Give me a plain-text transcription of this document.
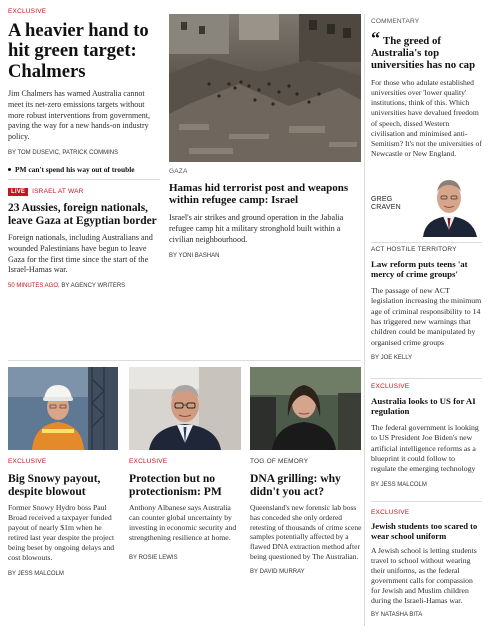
EXCLUSIVE
A heavier hand to hit green target: Chalmers
Jim Chalmers has warned Australia cannot meet its net-zero emissions targets without more robust interventions from government, paving the way for a new hands-on industry policy.
BY TOM DUSEVIC, PATRICK COMMINS
PM can't spend his way out of trouble
LIVE ISRAEL AT WAR
23 Aussies, foreign nationals, leave Gaza at Egyptian border
Foreign nationals, including Australians and wounded Palestinians have begun to leave Gaza for the first time since the start of the Israel-Hamas war.
50 MINUTES AGO, BY AGENCY WRITERS
GAZA
Hamas hid terrorist post and weapons within refugee camp: Israel
Israel's air strikes and ground operation in the Jabalia refugee camp hit a military stronghold built within a civilian neighbourhood.
BY YONI BASHAN
COMMENTARY
“ The greed of Australia's top universities has no cap
For those who adulate established universities over 'lower quality' institutions, think of this. Which universities have devalued freedom of speech, dissed Western civilisation and minimised anti-Semitism? It's not the universities of Newcastle or New England.
GREG
CRAVEN
ACT HOSTILE TERRITORY
Law reform puts teens 'at mercy of crime groups'
The passage of new ACT legislation increasing the minimum age of criminal responsibility to 14 has triggered new warnings that children could be manipulated by organised crime groups
BY JOE KELLY
EXCLUSIVE
Australia looks to US for AI regulation
The federal government is looking to US President Joe Biden's new artificial intelligence reforms as a blueprint it could follow to regulate the emerging technology
BY JESS MALCOLM
EXCLUSIVE
Jewish students too scared to wear school uniform
A Jewish school is letting students travel to school without wearing their uniforms, as the federal government calls for compassion for Jewish and Muslim children during the Israeli-Hamas war.
BY NATASHA BITA
EXCLUSIVE
Big Snowy payout, despite blowout
Former Snowy Hydro boss Paul Broad received a taxpayer funded payout of nearly $1m when he retired last year despite the project being beset by ongoing delays and cost blowouts.
BY JESS MALCOLM
EXCLUSIVE
Protection but no protectionism: PM
Anthony Albanese says Australia can counter global uncertainty by investing in economic security and strengthening resilience at home.
BY ROSIE LEWIS
TOG OF MEMORY
DNA grilling: why didn't you act?
Queensland's new forensic lab boss has conceded she only ordered retesting of thousands of crime scene samples potentially affected by a flawed DNA extraction method after being questioned by The Australian.
BY DAVID MURRAY
